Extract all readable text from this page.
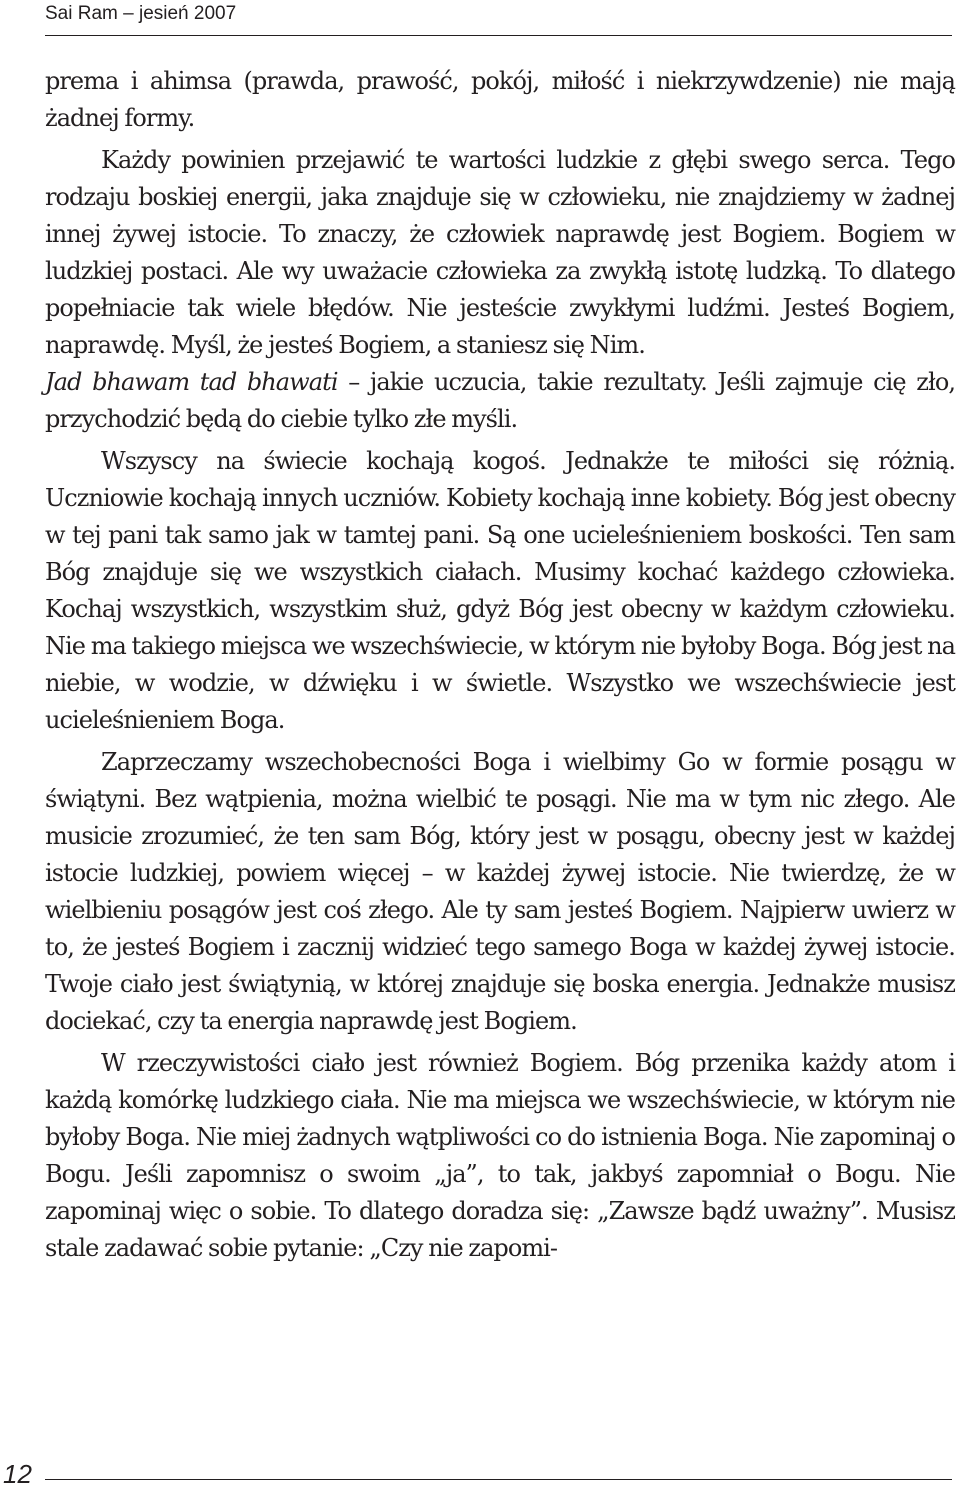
Sai Ram – jesień 2007

prema i ahimsa (prawda, prawość, pokój, miłość i niekrzywdzenie) nie mają żadnej formy.

Każdy powinien przejawić te wartości ludzkie z głębi swego serca. Tego rodzaju boskiej energii, jaka znajduje się w człowieku, nie znajdziemy w żadnej innej żywej istocie. To znaczy, że człowiek naprawdę jest Bogiem. Bogiem w ludzkiej postaci. Ale wy uważacie człowieka za zwykłą istotę ludzką. To dlatego popełniacie tak wiele błędów. Nie jesteście zwykłymi ludźmi. Jesteś Bogiem, naprawdę. Myśl, że jesteś Bogiem, a staniesz się Nim.
Jad bhawam tad bhawati – jakie uczucia, takie rezultaty. Jeśli zajmuje cię zło, przychodzić będą do ciebie tylko złe myśli.

Wszyscy na świecie kochają kogoś. Jednakże te miłości się różnią. Uczniowie kochają innych uczniów. Kobiety kochają inne kobiety. Bóg jest obecny w tej pani tak samo jak w tamtej pani. Są one ucieleśnieniem boskości. Ten sam Bóg znajduje się we wszystkich ciałach. Musimy kochać każdego człowieka. Kochaj wszystkich, wszystkim służ, gdyż Bóg jest obecny w każdym człowieku. Nie ma takiego miejsca we wszechświecie, w którym nie byłoby Boga. Bóg jest na niebie, w wodzie, w dźwięku i w świetle. Wszystko we wszechświecie jest ucieleśnieniem Boga.

Zaprzeczamy wszechobecności Boga i wielbimy Go w formie posągu w świątyni. Bez wątpienia, można wielbić te posągi. Nie ma w tym nic złego. Ale musicie zrozumieć, że ten sam Bóg, który jest w posągu, obecny jest w każdej istocie ludzkiej, powiem więcej – w każdej żywej istocie. Nie twierdzę, że w wielbieniu posągów jest coś złego. Ale ty sam jesteś Bogiem. Najpierw uwierz w to, że jesteś Bogiem i zacznij widzieć tego samego Boga w każdej żywej istocie. Twoje ciało jest świątynią, w której znajduje się boska energia. Jednakże musisz dociekać, czy ta energia naprawdę jest Bogiem.

W rzeczywistości ciało jest również Bogiem. Bóg przenika każdy atom i każdą komórkę ludzkiego ciała. Nie ma miejsca we wszechświecie, w którym nie byłoby Boga. Nie miej żadnych wątpliwości co do istnienia Boga. Nie zapominaj o Bogu. Jeśli zapomnisz o swoim „ja”, to tak, jakbyś zapomniał o Bogu. Nie zapominaj więc o sobie. To dlatego doradza się: „Zawsze bądź uważny”. Musisz stale zadawać sobie pytanie: „Czy nie zapomi-

12
